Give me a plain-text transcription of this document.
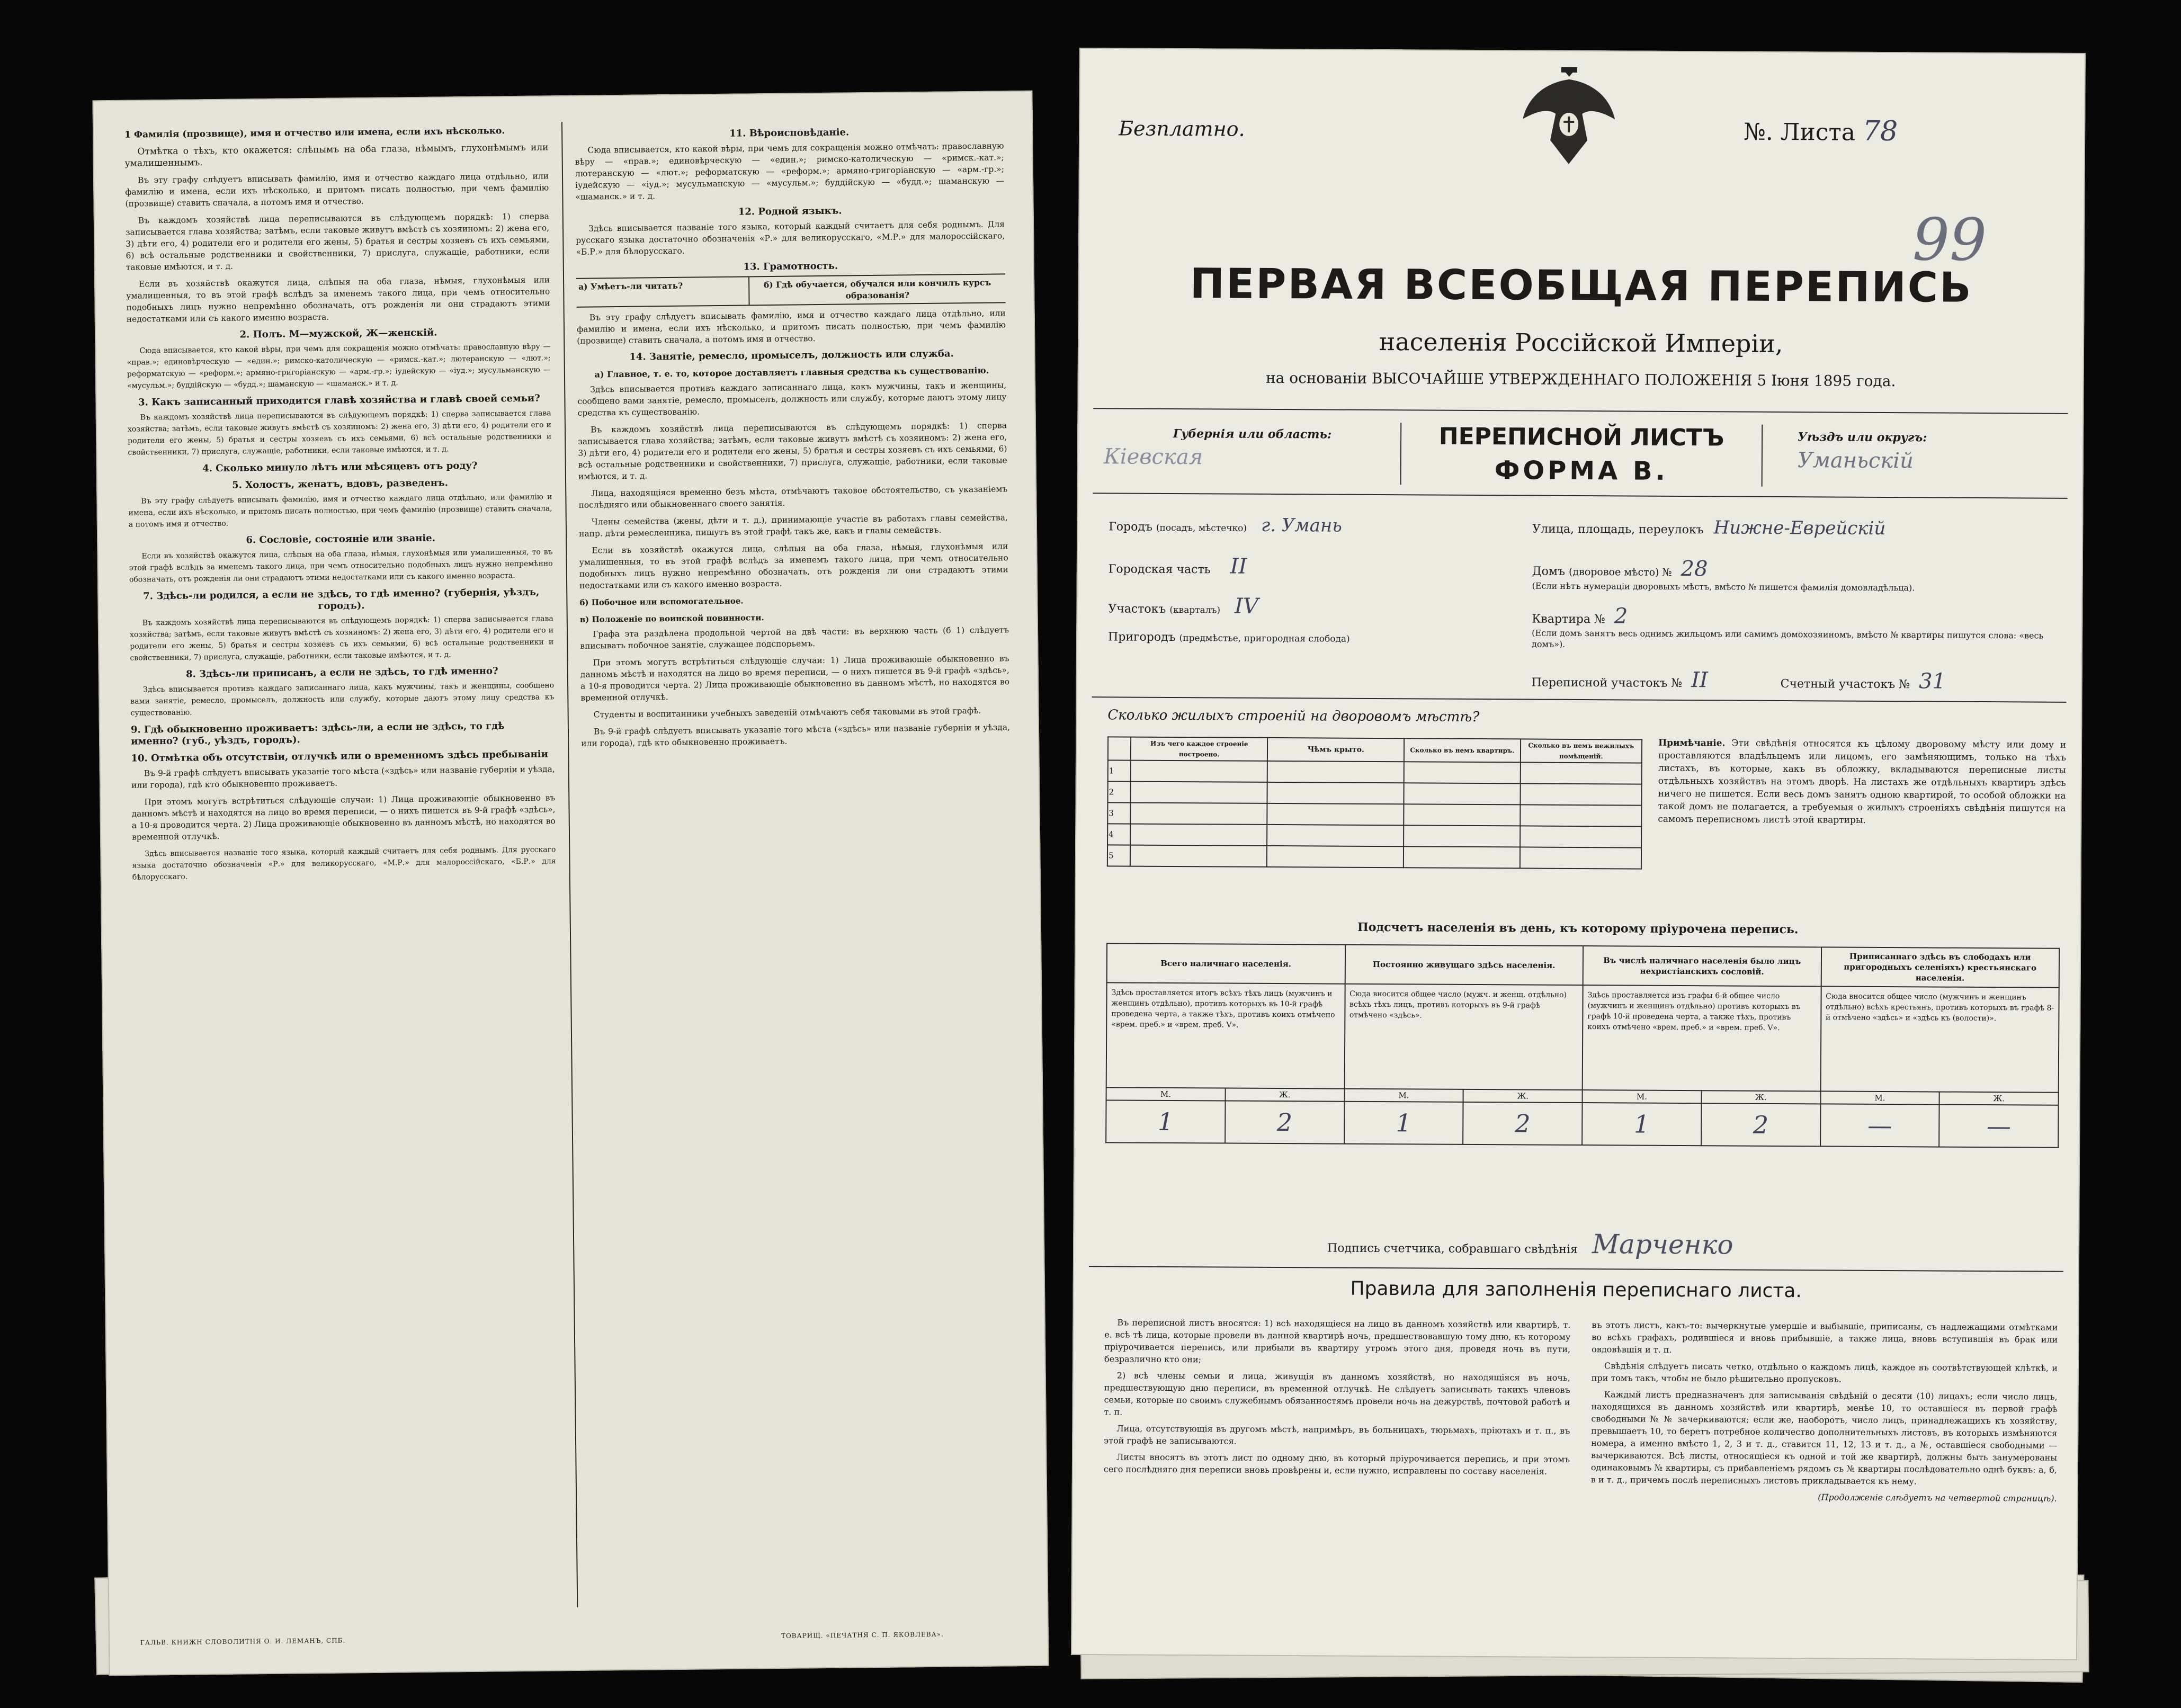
1 Фамилія (прозвище), имя и отчество или имена, если ихъ нѣсколько.

Отмѣтка о тѣхъ, кто окажется: слѣпымъ на оба глаза, нѣмымъ, глухонѣмымъ или умалишеннымъ.

Въ эту графу слѣдуетъ вписывать фамилію, имя и отчество каждаго лица отдѣльно, или фамилію и имена, если ихъ нѣсколько, и притомъ писать полностью, при чемъ фамилію (прозвище) ставить сначала, а потомъ имя и отчество.

Въ каждомъ хозяйствѣ лица переписываются въ слѣдующемъ порядкѣ: 1) сперва записывается глава хозяйства; затѣмъ, если таковые живутъ вмѣстѣ съ хозяиномъ: 2) жена его, 3) дѣти его, 4) родители его и родители его жены, 5) братья и сестры хозяевъ съ ихъ семьями, 6) всѣ остальные родственники и свойственники, 7) прислуга, служащіе, работники, если таковые имѣются, и т. д.

Если въ хозяйствѣ окажутся лица, слѣпыя на оба глаза, нѣмыя, глухонѣмыя или умалишенныя, то въ этой графѣ вслѣдъ за именемъ такого лица, при чемъ относительно подобныхъ лицъ нужно непремѣнно обозначать, отъ рожденія ли они страдаютъ этими недостатками или съ какого именно возраста.

2. Полъ. М—мужской, Ж—женскій.

Сюда вписывается, кто какой вѣры, при чемъ для сокращенія можно отмѣчать: православную вѣру — «прав.»; единовѣрческую — «един.»; римско-католическую — «римск.-кат.»; лютеранскую — «лют.»; реформатскую — «реформ.»; армяно-григоріанскую — «арм.-гр.»; іудейскую — «іуд.»; мусульманскую — «мусульм.»; буддійскую — «будд.»; шаманскую — «шаманск.» и т. д.

3. Какъ записанный приходится главѣ хозяйства и главѣ своей семьи?

Въ каждомъ хозяйствѣ лица переписываются въ слѣдующемъ порядкѣ: 1) сперва записывается глава хозяйства; затѣмъ, если таковые живутъ вмѣстѣ съ хозяиномъ: 2) жена его, 3) дѣти его, 4) родители его и родители его жены, 5) братья и сестры хозяевъ съ ихъ семьями, 6) всѣ остальные родственники и свойственники, 7) прислуга, служащіе, работники, если таковые имѣются, и т. д.

4. Сколько минуло лѣтъ или мѣсяцевъ отъ роду?
5. Холостъ, женатъ, вдовъ, разведенъ.

Въ эту графу слѣдуетъ вписывать фамилію, имя и отчество каждаго лица отдѣльно, или фамилію и имена, если ихъ нѣсколько, и притомъ писать полностью, при чемъ фамилію (прозвище) ставить сначала, а потомъ имя и отчество.

6. Сословіе, состояніе или званіе.

Если въ хозяйствѣ окажутся лица, слѣпыя на оба глаза, нѣмыя, глухонѣмыя или умалишенныя, то въ этой графѣ вслѣдъ за именемъ такого лица, при чемъ относительно подобныхъ лицъ нужно непремѣнно обозначать, отъ рожденія ли они страдаютъ этими недостатками или съ какого именно возраста.

7. Здѣсь-ли родился, а если не здѣсь, то гдѣ именно? (губернія, уѣздъ, городъ).

Въ каждомъ хозяйствѣ лица переписываются въ слѣдующемъ порядкѣ: 1) сперва записывается глава хозяйства; затѣмъ, если таковые живутъ вмѣстѣ съ хозяиномъ: 2) жена его, 3) дѣти его, 4) родители его и родители его жены, 5) братья и сестры хозяевъ съ ихъ семьями, 6) всѣ остальные родственники и свойственники, 7) прислуга, служащіе, работники, если таковые имѣются, и т. д.

8. Здѣсь-ли приписанъ, а если не здѣсь, то гдѣ именно?

Здѣсь вписывается противъ каждаго записаннаго лица, какъ мужчины, такъ и женщины, сообщено вами занятіе, ремесло, промыселъ, должность или службу, которые даютъ этому лицу средства къ существованію.

9. Гдѣ обыкновенно проживаетъ: здѣсь-ли, а если не здѣсь, то гдѣ именно? (губ., уѣздъ, городъ).
10. Отмѣтка объ отсутствіи, отлучкѣ или о временномъ здѣсь пребываніи

Въ 9-й графѣ слѣдуетъ вписывать указаніе того мѣста («здѣсь» или названіе губерніи и уѣзда, или города), гдѣ кто обыкновенно проживаетъ.

При этомъ могутъ встрѣтиться слѣдующіе случаи: 1) Лица проживающіе обыкновенно въ данномъ мѣстѣ и находятся на лицо во время переписи, — о нихъ пишется въ 9-й графѣ «здѣсь», а 10-я проводится черта. 2) Лица проживающіе обыкновенно въ данномъ мѣстѣ, но находятся во временной отлучкѣ.

Здѣсь вписывается названіе того языка, который каждый считаетъ для себя роднымъ. Для русскаго языка достаточно обозначенія «Р.» для великорусскаго, «М.Р.» для малороссійскаго, «Б.Р.» для бѣлорусскаго.

11. Вѣроисповѣданіе.

Сюда вписывается, кто какой вѣры, при чемъ для сокращенія можно отмѣчать: православную вѣру — «прав.»; единовѣрческую — «един.»; римско-католическую — «римск.-кат.»; лютеранскую — «лют.»; реформатскую — «реформ.»; армяно-григоріанскую — «арм.-гр.»; іудейскую — «іуд.»; мусульманскую — «мусульм.»; буддійскую — «будд.»; шаманскую — «шаманск.» и т. д.

12. Родной языкъ.

Здѣсь вписывается названіе того языка, который каждый считаетъ для себя роднымъ. Для русскаго языка достаточно обозначенія «Р.» для великорусскаго, «М.Р.» для малороссійскаго, «Б.Р.» для бѣлорусскаго.

13. Грамотность.
а) Умѣетъ-ли читать?	б) Гдѣ обучается, обучался или кончилъ курсъ образованія?

Въ эту графу слѣдуетъ вписывать фамилію, имя и отчество каждаго лица отдѣльно, или фамилію и имена, если ихъ нѣсколько, и притомъ писать полностью, при чемъ фамилію (прозвище) ставить сначала, а потомъ имя и отчество.

14. Занятіе, ремесло, промыселъ, должность или служба.
а) Главное, т. е. то, которое доставляетъ главныя средства къ существованію.

Здѣсь вписывается противъ каждаго записаннаго лица, какъ мужчины, такъ и женщины, сообщено вами занятіе, ремесло, промыселъ, должность или службу, которые даютъ этому лицу средства къ существованію.

Въ каждомъ хозяйствѣ лица переписываются въ слѣдующемъ порядкѣ: 1) сперва записывается глава хозяйства; затѣмъ, если таковые живутъ вмѣстѣ съ хозяиномъ: 2) жена его, 3) дѣти его, 4) родители его и родители его жены, 5) братья и сестры хозяевъ съ ихъ семьями, 6) всѣ остальные родственники и свойственники, 7) прислуга, служащіе, работники, если таковые имѣются, и т. д.

Лица, находящіяся временно безъ мѣста, отмѣчаютъ таковое обстоятельство, съ указаніемъ послѣдняго или обыкновеннаго своего занятія.

Члены семейства (жены, дѣти и т. д.), принимающіе участіе въ работахъ главы семейства, напр. дѣти ремесленника, пишутъ въ этой графѣ такъ же, какъ и главы семействъ.

Если въ хозяйствѣ окажутся лица, слѣпыя на оба глаза, нѣмыя, глухонѣмыя или умалишенныя, то въ этой графѣ вслѣдъ за именемъ такого лица, при чемъ относительно подобныхъ лицъ нужно непремѣнно обозначать, отъ рожденія ли они страдаютъ этими недостатками или съ какого именно возраста.

б) Побочное или вспомогательное.
в) Положеніе по воинской повинности.

Графа эта раздѣлена продольной чертой на двѣ части: въ верхнюю часть (б 1) слѣдуетъ вписывать побочное занятіе, служащее подспорьемъ.

При этомъ могутъ встрѣтиться слѣдующіе случаи: 1) Лица проживающіе обыкновенно въ данномъ мѣстѣ и находятся на лицо во время переписи, — о нихъ пишется въ 9-й графѣ «здѣсь», а 10-я проводится черта. 2) Лица проживающіе обыкновенно въ данномъ мѣстѣ, но находятся во временной отлучкѣ.

Студенты и воспитанники учебныхъ заведеній отмѣчаютъ себя таковыми въ этой графѣ.

Въ 9-й графѣ слѣдуетъ вписывать указаніе того мѣста («здѣсь» или названіе губерніи и уѣзда, или города), гдѣ кто обыкновенно проживаетъ.

ГАЛЬВ. КНИЖН СЛОВОЛИТНЯ О. И. ЛЕМАНЪ, СПБ.
ТОВАРИЩ. «ПЕЧАТНЯ С. П. ЯКОВЛЕВА».
Безплатно.	№. Листа 78
99
ПЕРВАЯ ВСЕОБЩАЯ ПЕРЕПИСЬ
населенія Россійской Имперіи,
на основаніи ВЫСОЧАЙШЕ УТВЕРЖДЕННАГО ПОЛОЖЕНІЯ 5 Іюня 1895 года.
Губернія или область:
Кіевская
ПЕРЕПИСНОЙ ЛИСТЪ
ФОРМА В.
Уѣздъ или округъ:
Уманьскій
Городъ (посадъ, мѣстечко) г. Умань
Городская часть II
Участокъ (кварталъ) IV
Пригородъ (предмѣстье, пригородная слобода)
Улица, площадь, переулокъ Нижне-Еврейскій
Домъ (дворовое мѣсто) № 28
(Если нѣтъ нумераціи дворовыхъ мѣстъ, вмѣсто № пишется фамилія домовладѣльца).
Квартира № 2
(Если домъ занятъ весь однимъ жильцомъ или самимъ домохозяиномъ, вмѣсто № квартиры пишутся слова: «весь домъ»).
Переписной участокъ № II	Счетный участокъ № 31
Сколько жилыхъ строеній на дворовомъ мѣстѣ?
	Изъ чего каждое строеніе построено.	Чѣмъ крыто.	Сколько въ немъ квартиръ.	Сколько въ немъ нежилыхъ помѣщеній.
1				
2				
3				
4				
5				
Примѣчаніе. Эти свѣдѣнія относятся къ цѣлому дворовому мѣсту или дому и проставляются владѣльцемъ или лицомъ, его замѣняющимъ, только на тѣхъ листахъ, въ которые, какъ въ обложку, вкладываются переписные листы отдѣльныхъ хозяйствъ на этомъ дворѣ. На листахъ же отдѣльныхъ квартиръ здѣсь ничего не пишется. Если весь домъ занятъ одною квартирой, то особой обложки на такой домъ не полагается, а требуемыя о жилыхъ строеніяхъ свѣдѣнія пишутся на самомъ переписномъ листѣ этой квартиры.
Подсчетъ населенія въ день, къ которому пріурочена перепись.
Всего наличнаго населенія.		Постоянно живущаго здѣсь населенія.		Въ числѣ наличнаго населенія было лицъ нехристіанскихъ сословій.		Приписаннаго здѣсь въ слободахъ или пригородныхъ селеніяхъ) крестьянскаго населенія.	
Здѣсь проставляется итогъ всѣхъ тѣхъ лицъ (мужчинъ и женщинъ отдѣльно), противъ которыхъ въ 10-й графѣ проведена черта, а также тѣхъ, противъ коихъ отмѣчено «врем. преб.» и «врем. преб. V».		Сюда вносится общее число (мужч. и женщ. отдѣльно) всѣхъ тѣхъ лицъ, противъ которыхъ въ 9-й графѣ отмѣчено «здѣсь».		Здѣсь проставляется изъ графы 6-й общее число (мужчинъ и женщинъ отдѣльно) противъ которыхъ въ графѣ 10-й проведена черта, а также тѣхъ, противъ коихъ отмѣчено «врем. преб.» и «врем. преб. V».		Сюда вносится общее число (мужчинъ и женщинъ отдѣльно) всѣхъ крестьянъ, противъ которыхъ въ графѣ 8-й отмѣчено «здѣсь» и «здѣсь къ (волости)».	
М.	Ж.	М.	Ж.	М.	Ж.	М.	Ж.
1	2	1	2	1	2	—	—
Подпись счетчика, собравшаго свѣдѣнія Марченко
Правила для заполненія переписнаго листа.

Въ переписной листъ вносятся: 1) всѣ находящіеся на лицо въ данномъ хозяйствѣ или квартирѣ, т. е. всѣ тѣ лица, которые провели въ данной квартирѣ ночь, предшествовавшую тому дню, къ которому пріурочивается перепись, или прибыли въ квартиру утромъ этого дня, проведя ночь въ пути, безразлично кто они;

2) всѣ члены семьи и лица, живущія въ данномъ хозяйствѣ, но находящіяся въ ночь, предшествующую дню переписи, въ временной отлучкѣ. Не слѣдуетъ записывать такихъ членовъ семьи, которые по своимъ служебнымъ обязанностямъ провели ночь на дежурствѣ, почтовой работѣ и т. п.

Лица, отсутствующія въ другомъ мѣстѣ, напримѣръ, въ больницахъ, тюрьмахъ, пріютахъ и т. п., въ этой графѣ не записываются.

Листы вносятъ въ этотъ лист по одному дню, въ который пріурочивается перепись, и при этомъ сего послѣдняго дня переписи вновь провѣрены и, если нужно, исправлены по составу населенія.

въ этотъ листъ, какъ-то: вычеркнутые умершіе и выбывшіе, приписаны, съ надлежащими отмѣтками во всѣхъ графахъ, родившіеся и вновь прибывшіе, а также лица, вновь вступившія въ брак или овдовѣвшія и т. п.

Свѣдѣнія слѣдуетъ писать четко, отдѣльно о каждомъ лицѣ, каждое въ соотвѣтствующей клѣткѣ, и при томъ такъ, чтобы не было рѣшительно пропусковъ.

Каждый листъ предназначенъ для записыванія свѣдѣній о десяти (10) лицахъ; если число лицъ, находящихся въ данномъ хозяйствѣ или квартирѣ, менѣе 10, то оставшіеся въ первой графѣ свободными № № зачеркиваются; если же, наоборотъ, число лицъ, принадлежащихъ къ хозяйству, превышаетъ 10, то беретъ потребное количество дополнительныхъ листовъ, въ которыхъ измѣняются номера, а именно вмѣсто 1, 2, 3 и т. д., ставится 11, 12, 13 и т. д., а №, оставшіеся свободными — вычеркиваются. Всѣ листы, относящіеся къ одной и той же квартирѣ, должны быть занумерованы одинаковымъ № квартиры, съ прибавленіемъ рядомъ съ № квартиры послѣдовательно однѣ буквъ: а, б, в и т. д., причемъ послѣ переписныхъ листовъ прикладывается къ нему.

(Продолженіе слѣдуетъ на четвертой страницѣ).
